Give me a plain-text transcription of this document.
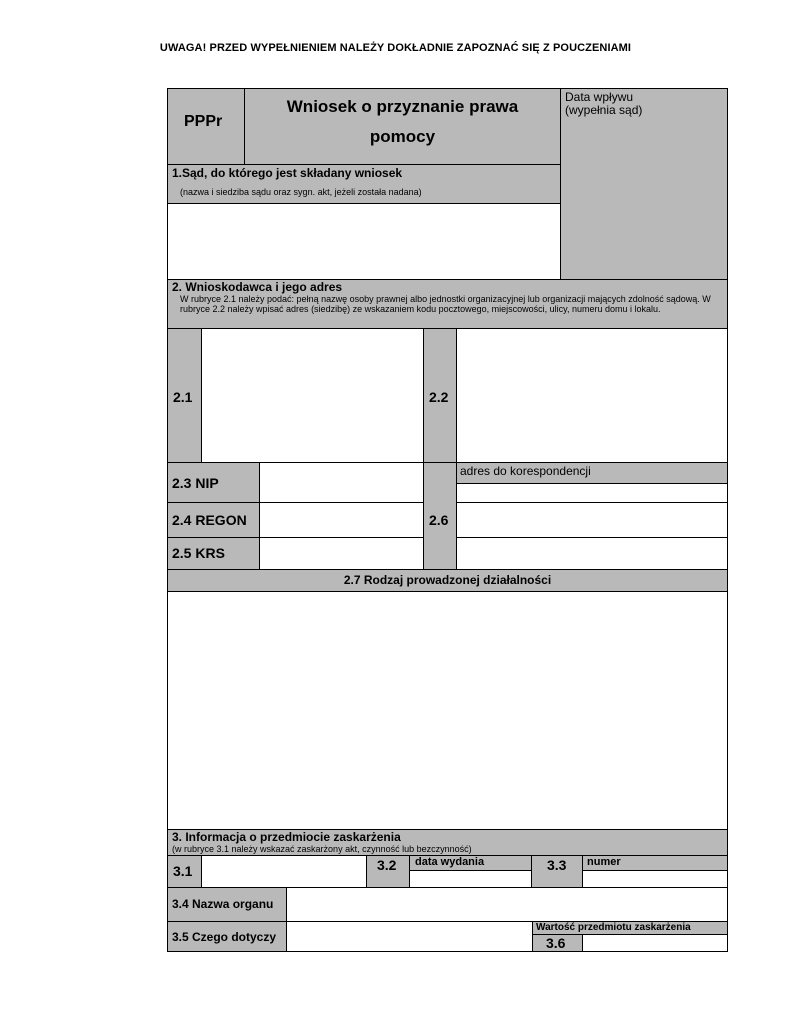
UWAGA! PRZED WYPEŁNIENIEM NALEŻY DOKŁADNIE ZAPOZNAĆ SIĘ Z POUCZENIAMI
PPPr
Wniosek o przyznanie prawa
pomocy
Data wpływu
(wypełnia sąd)
1.Sąd, do którego jest składany wniosek
(nazwa i siedziba sądu oraz sygn. akt, jeżeli została nadana)
2. Wnioskodawca i jego adres
W rubryce 2.1 należy podać: pełną nazwę osoby prawnej albo jednostki organizacyjnej lub organizacji mających zdolność sądową. W rubryce 2.2 należy wpisać adres (siedzibę) ze wskazaniem kodu pocztowego, miejscowości, ulicy, numeru domu i lokalu.
2.1	2.2
2.3 NIP
2.4 REGON
2.5 KRS
2.6
adres do korespondencji
2.7 Rodzaj prowadzonej działalności
3. Informacja o przedmiocie zaskarżenia
(w rubryce 3.1 należy wskazać zaskarżony akt, czynność lub bezczynność)
3.1	3.2 data wydania	3.3 numer
3.4 Nazwa organu
3.5 Czego dotyczy
Wartość przedmiotu zaskarżenia
3.6
